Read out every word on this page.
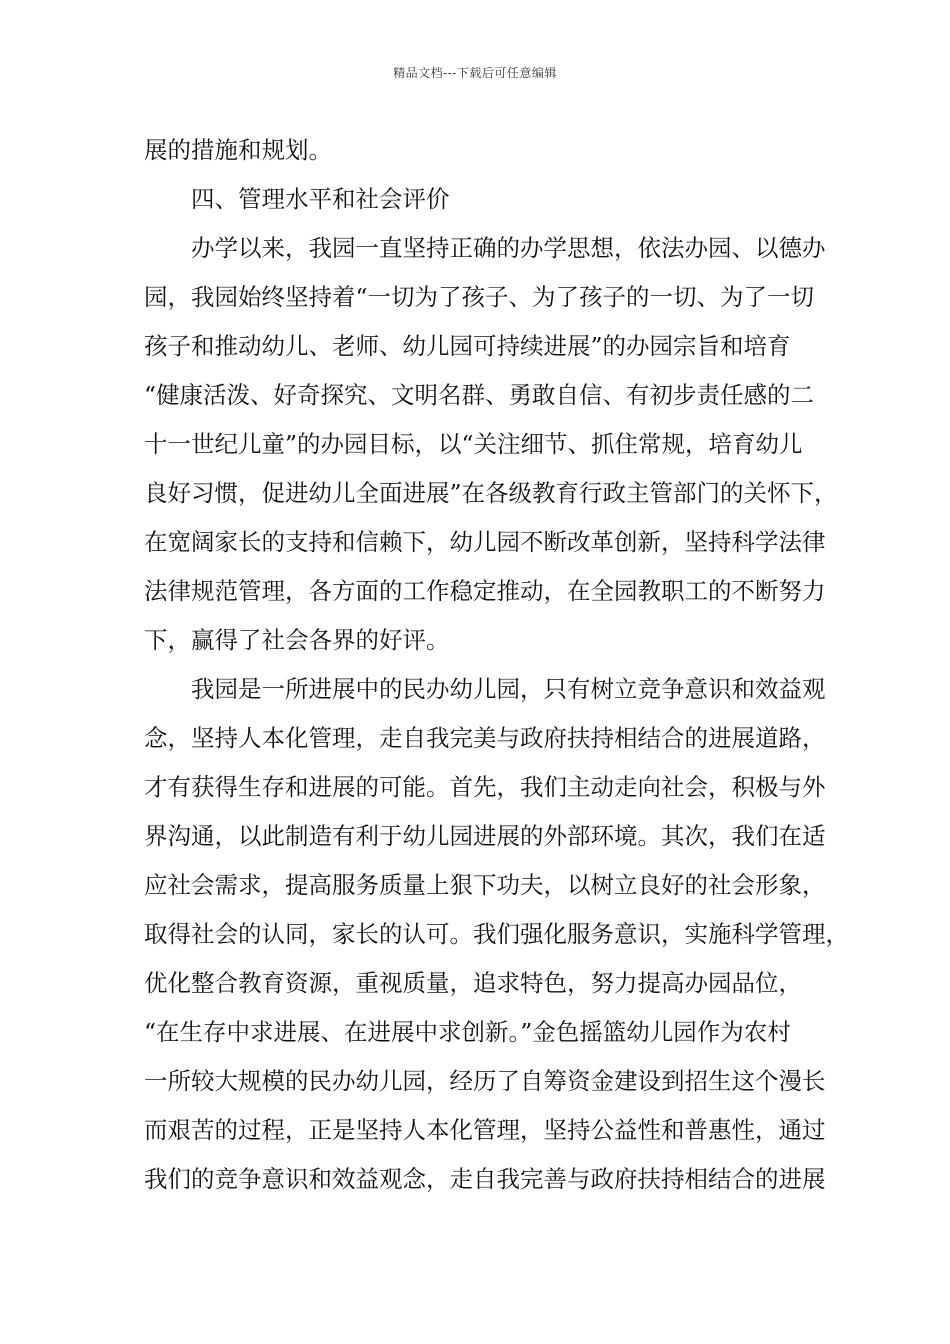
精品文档---下载后可任意编辑
展的措施和规划。
四、管理水平和社会评价
办学以来，我园一直坚持正确的办学思想，依法办园、以德办
园，我园始终坚持着“一切为了孩子、为了孩子的一切、为了一切
孩子和推动幼儿、老师、幼儿园可持续进展”的办园宗旨和培育
“健康活泼、好奇探究、文明名群、勇敢自信、有初步责任感的二
十一世纪儿童”的办园目标，以“关注细节、抓住常规，培育幼儿
良好习惯，促进幼儿全面进展”在各级教育行政主管部门的关怀下，
在宽阔家长的支持和信赖下，幼儿园不断改革创新，坚持科学法律
法律规范管理，各方面的工作稳定推动，在全园教职工的不断努力
下，赢得了社会各界的好评。
我园是一所进展中的民办幼儿园，只有树立竞争意识和效益观
念，坚持人本化管理，走自我完美与政府扶持相结合的进展道路，
才有获得生存和进展的可能。首先，我们主动走向社会，积极与外
界沟通，以此制造有利于幼儿园进展的外部环境。其次，我们在适
应社会需求，提高服务质量上狠下功夫，以树立良好的社会形象，
取得社会的认同，家长的认可。我们强化服务意识，实施科学管理，
优化整合教育资源，重视质量，追求特色，努力提高办园品位，
“在生存中求进展、在进展中求创新。”金色摇篮幼儿园作为农村
一所较大规模的民办幼儿园，经历了自筹资金建设到招生这个漫长
而艰苦的过程，正是坚持人本化管理，坚持公益性和普惠性，通过
我们的竞争意识和效益观念，走自我完善与政府扶持相结合的进展
